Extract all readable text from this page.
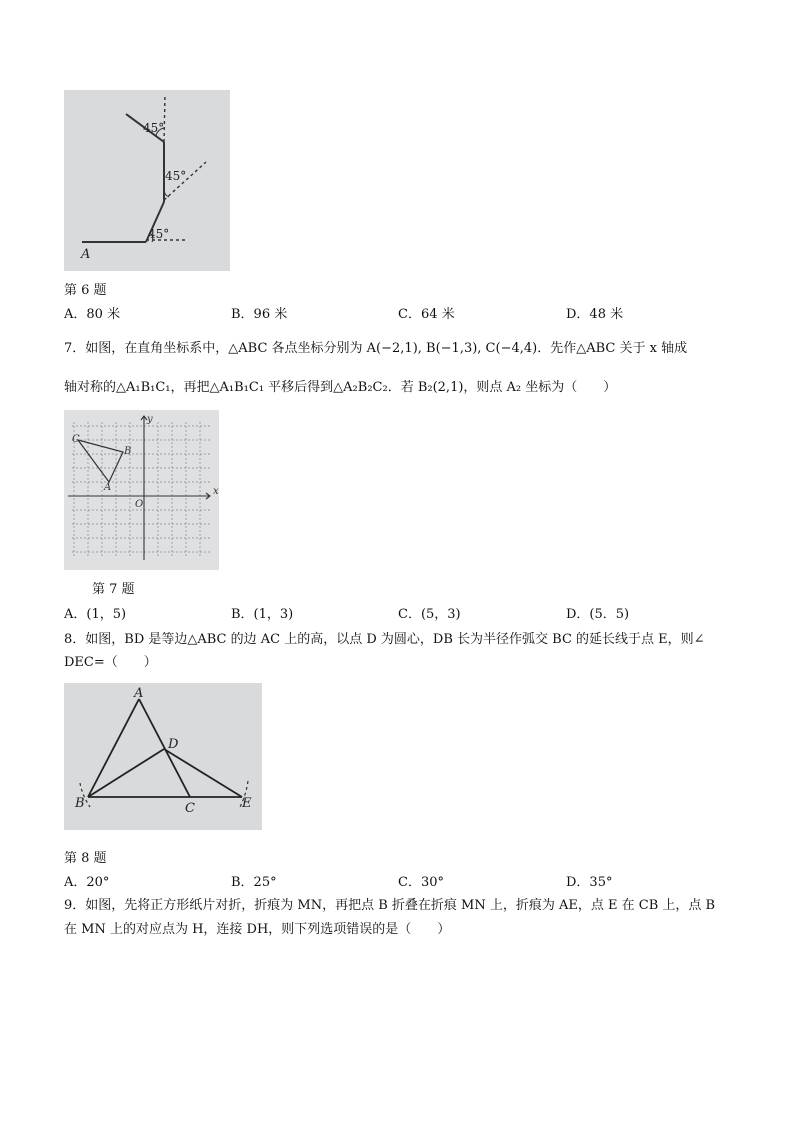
45°
45°
45°
A
第 6 题
A．80 米	B．96 米	C．64 米	D．48 米
7．如图，在直角坐标系中，△ABC 各点坐标分别为 A(−2,1), B(−1,3), C(−4,4)．先作△ABC 关于 x 轴成
轴对称的△A₁B₁C₁，再把△A₁B₁C₁ 平移后得到△A₂B₂C₂．若 B₂(2,1)，则点 A₂ 坐标为（　　）
x
y
O
C
B
A
第 7 题
A．(1，5)	B．(1，3)	C．(5，3)	D．(5．5)
8．如图，BD 是等边△ABC 的边 AC 上的高，以点 D 为圆心，DB 长为半径作弧交 BC 的延长线于点 E，则∠
DEC=（　　）
A
D
B	C	E
第 8 题
A．20°	B．25°	C．30°	D．35°
9．如图，先将正方形纸片对折，折痕为 MN，再把点 B 折叠在折痕 MN 上，折痕为 AE，点 E 在 CB 上，点 B
在 MN 上的对应点为 H，连接 DH，则下列选项错误的是（　　）
